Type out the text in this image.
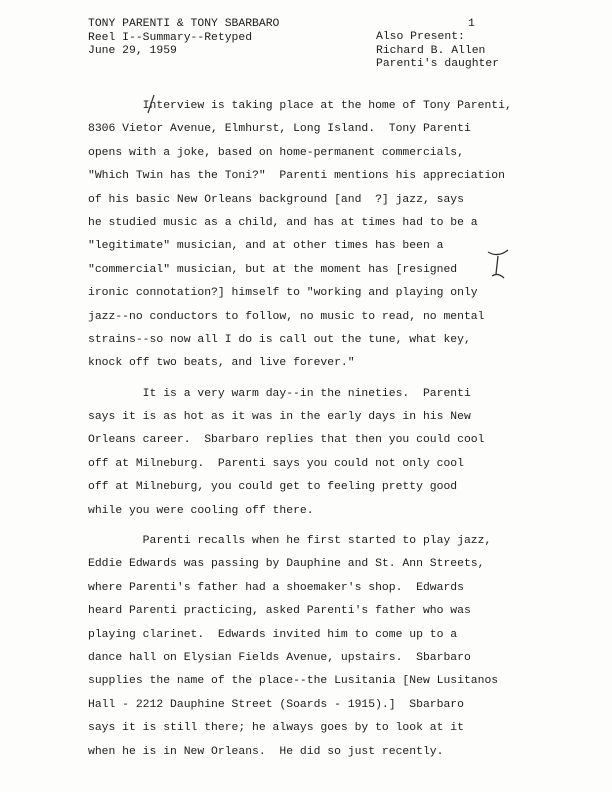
TONY PARENTI & TONY SBARBARO
Reel I--Summary--Retyped
June 29, 1959
1
Also Present:
Richard B. Allen
Parenti's daughter
Interview is taking place at the home of Tony Parenti,
8306 Vietor Avenue, Elmhurst, Long Island.  Tony Parenti
opens with a joke, based on home-permanent commercials,
"Which Twin has the Toni?"  Parenti mentions his appreciation
of his basic New Orleans background [and  ?] jazz, says
he studied music as a child, and has at times had to be a
"legitimate" musician, and at other times has been a
"commercial" musician, but at the moment has [resigned
ironic connotation?] himself to "working and playing only
jazz--no conductors to follow, no music to read, no mental
strains--so now all I do is call out the tune, what key,
knock off two beats, and live forever."
It is a very warm day--in the nineties.  Parenti
says it is as hot as it was in the early days in his New
Orleans career.  Sbarbaro replies that then you could cool
off at Milneburg.  Parenti says you could not only cool
off at Milneburg, you could get to feeling pretty good
while you were cooling off there.
Parenti recalls when he first started to play jazz,
Eddie Edwards was passing by Dauphine and St. Ann Streets,
where Parenti's father had a shoemaker's shop.  Edwards
heard Parenti practicing, asked Parenti's father who was
playing clarinet.  Edwards invited him to come up to a
dance hall on Elysian Fields Avenue, upstairs.  Sbarbaro
supplies the name of the place--the Lusitania [New Lusitanos
Hall - 2212 Dauphine Street (Soards - 1915).]  Sbarbaro
says it is still there; he always goes by to look at it
when he is in New Orleans.  He did so just recently.
